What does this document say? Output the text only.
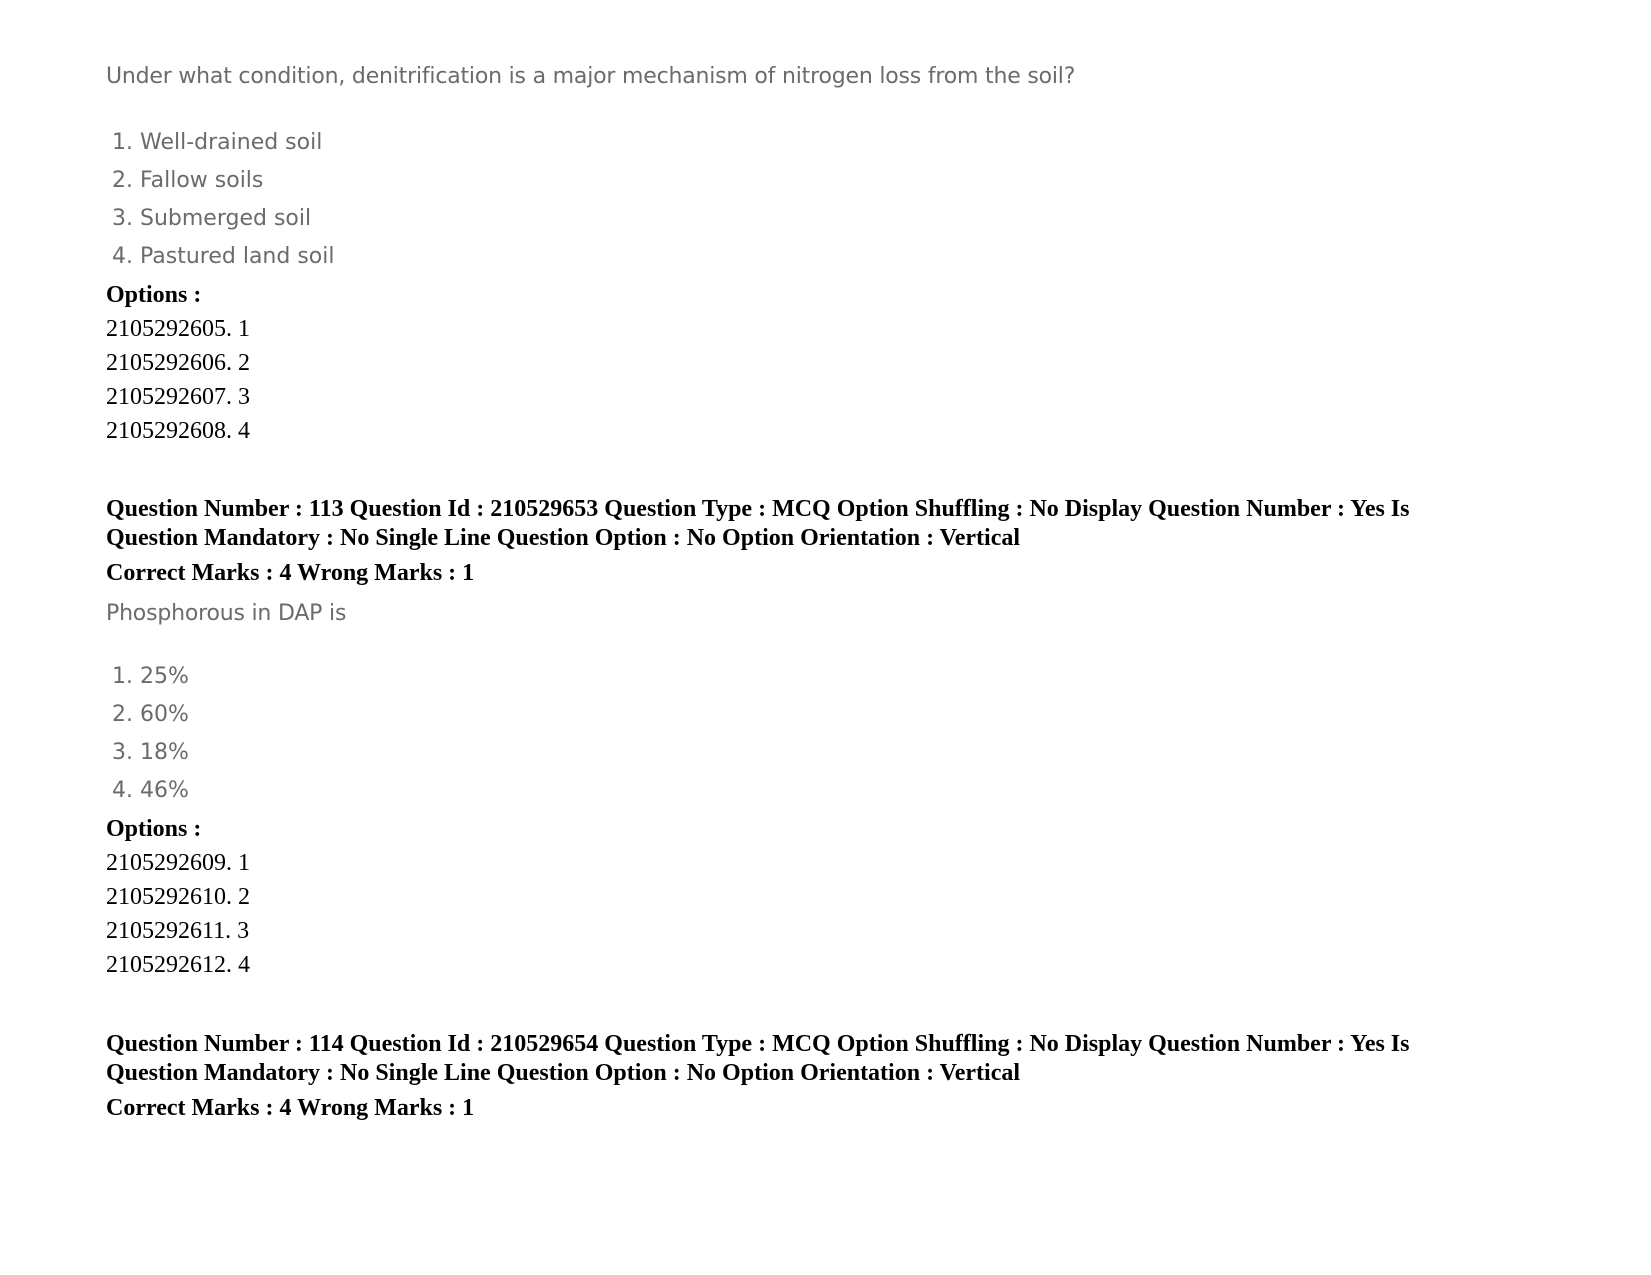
Under what condition, denitrification is a major mechanism of nitrogen loss from the soil?
1. Well-drained soil
2. Fallow soils
3. Submerged soil
4. Pastured land soil
Options :
2105292605. 1
2105292606. 2
2105292607. 3
2105292608. 4
Question Number : 113 Question Id : 210529653 Question Type : MCQ Option Shuffling : No Display Question Number : Yes Is
Question Mandatory : No Single Line Question Option : No Option Orientation : Vertical
Correct Marks : 4 Wrong Marks : 1
Phosphorous in DAP is
1. 25%
2. 60%
3. 18%
4. 46%
Options :
2105292609. 1
2105292610. 2
2105292611. 3
2105292612. 4
Question Number : 114 Question Id : 210529654 Question Type : MCQ Option Shuffling : No Display Question Number : Yes Is
Question Mandatory : No Single Line Question Option : No Option Orientation : Vertical
Correct Marks : 4 Wrong Marks : 1
